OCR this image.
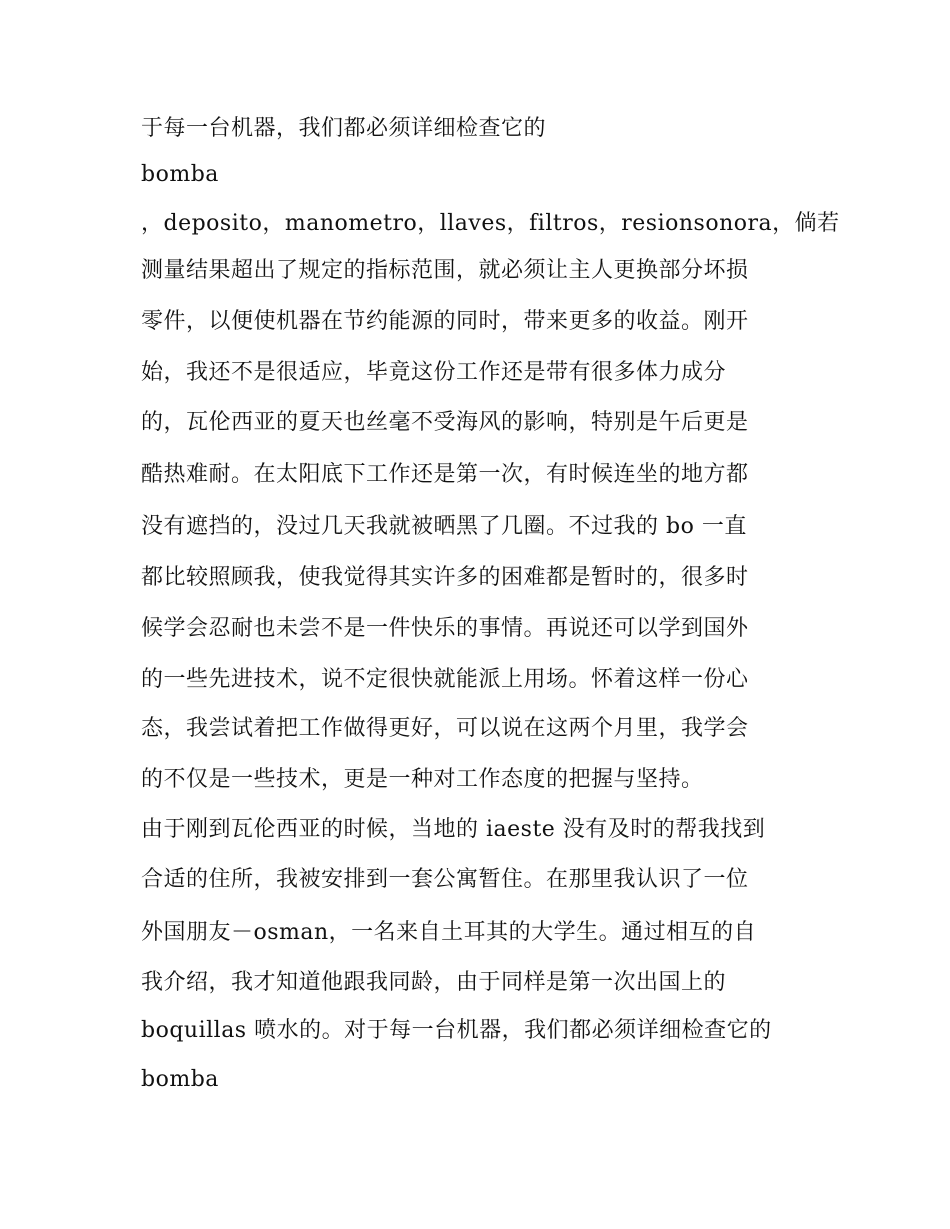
于每一台机器，我们都必须详细检查它的
bomba
，deposito，manometro，llaves，filtros，resionsonora，倘若
测量结果超出了规定的指标范围，就必须让主人更换部分坏损
零件，以便使机器在节约能源的同时，带来更多的收益。刚开
始，我还不是很适应，毕竟这份工作还是带有很多体力成分
的，瓦伦西亚的夏天也丝毫不受海风的影响，特别是午后更是
酷热难耐。在太阳底下工作还是第一次，有时候连坐的地方都
没有遮挡的，没过几天我就被晒黑了几圈。不过我的 bo 一直
都比较照顾我，使我觉得其实许多的困难都是暂时的，很多时
候学会忍耐也未尝不是一件快乐的事情。再说还可以学到国外
的一些先进技术，说不定很快就能派上用场。怀着这样一份心
态，我尝试着把工作做得更好，可以说在这两个月里，我学会
的不仅是一些技术，更是一种对工作态度的把握与坚持。
由于刚到瓦伦西亚的时候，当地的 iaeste 没有及时的帮我找到
合适的住所，我被安排到一套公寓暂住。在那里我认识了一位
外国朋友－osman，一名来自土耳其的大学生。通过相互的自
我介绍，我才知道他跟我同龄，由于同样是第一次出国上的
boquillas 喷水的。对于每一台机器，我们都必须详细检查它的
bomba
